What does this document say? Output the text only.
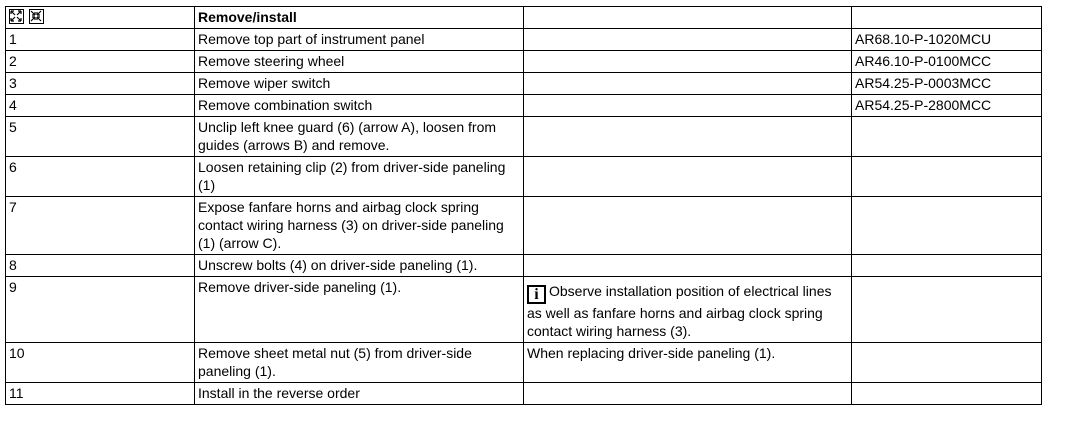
	Remove/install		
1	Remove top part of instrument panel		AR68.10-P-1020MCU
2	Remove steering wheel		AR46.10-P-0100MCC
3	Remove wiper switch		AR54.25-P-0003MCC
4	Remove combination switch		AR54.25-P-2800MCC
5	Unclip left knee guard (6) (arrow A), loosen from guides (arrows B) and remove.		
6	Loosen retaining clip (2) from driver-side paneling (1)		
7	Expose fanfare horns and airbag clock spring contact wiring harness (3) on driver-side paneling (1) (arrow C).		
8	Unscrew bolts (4) on driver-side paneling (1).		
9	Remove driver-side paneling (1).	i Observe installation position of electrical lines as well as fanfare horns and airbag clock spring contact wiring harness (3).	
10	Remove sheet metal nut (5) from driver-side paneling (1).	When replacing driver-side paneling (1).	
11	Install in the reverse order		
